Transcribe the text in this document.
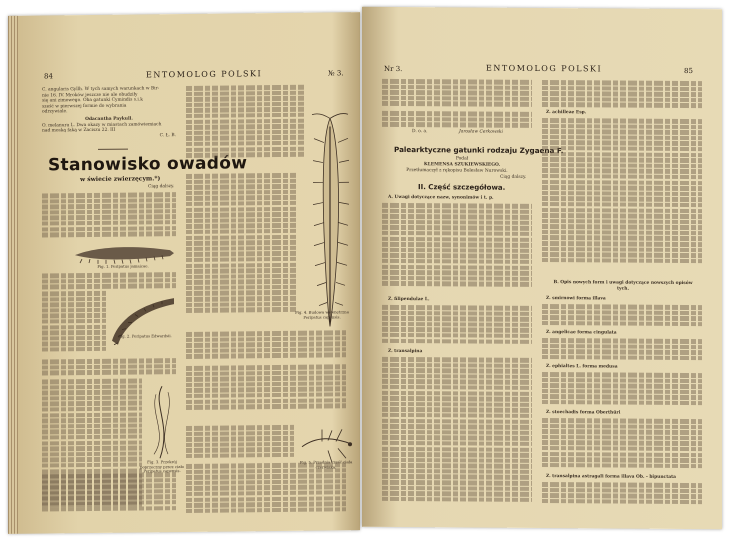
84	ENTOMOLOG POLSKI	№ 3.
C. angularis Gyllh. W tych samych warunkach w Bir-
nie 16. IV. Mroków jeszcze nie ale obudziły
się ani zimowego. Oba gatunki Cymindis s.i.k
sześć w pierwszej formie do wybrania
odrzywiale.
Odacantha Paykull.
O. melanura L. Dwa okazy w miastach zamówiemiach
nad moską faką w Zaciszu 22. III
C. Ł. B.
Stanowisko owadów
w świecie zwierzęcym.*)
Ciąg dalszy.
Fig. 1. Peripatus jamaicae.
Fig. 2. Peripatus Edwardsii.
Fig. 3. Przekrój poprzeczny przez ciało Peripatus capensis.
Fig. 4. Budowa wewnętrzna Peripatus capensis.
Fig. 5. Przednia część ciała czerwiaka.
Nr 3.	ENTOMOLOG POLSKI	85
D. o. a.	Jarosław Cerkowski
Palearktyczne gatunki rodzaju Zygaena F.
Podał
KLEMENSA SZUKIEWSKIEGO.
Przetłumaczył z rękopisu Bolesław Nurowski.
Ciąg dalszy.
II. Część szczegółowa.
A. Uwagi dotyczące nazw, synonimów i t. p.
Z. filipendulae L.
Z. transalpina
Z. achilleae Esp.
B. Opis nowych form i uwagi dotyczące nowszych opisów tych.
Z. smirnowi forma illava
Z. angelicae forma cingulata
Z. ephialtes L. forma medusa
Z. stoechadis forma Oberthüri
Z. transalpina astragali forma illava Ob. - bipunctata
